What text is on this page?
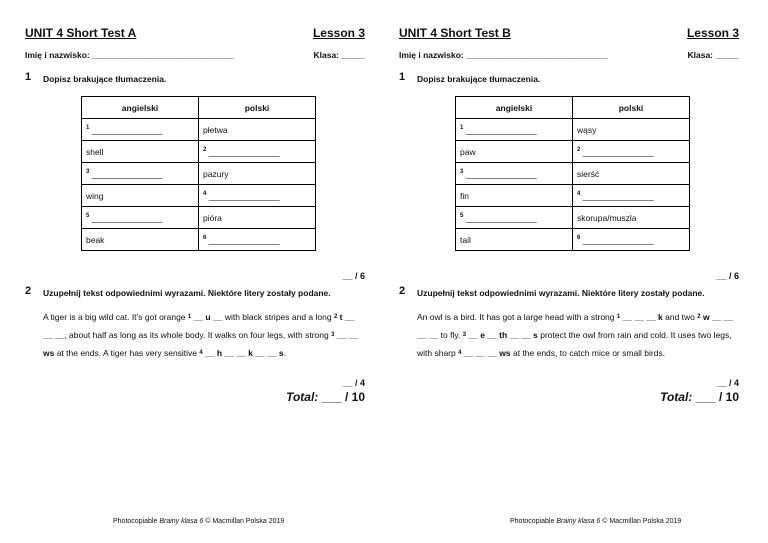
UNIT 4 Short Test A	Lesson 3
Imię i nazwisko: ______________________________	Klasa: _____
1 Dopisz brakujące tłumaczenia.
angielski	polski
$^1$ _______________	płetwa
shell	$^2$ _______________
$^3$ _______________	pazury
wing	$^4$ _______________
$^5$ _______________	pióra
beak	$^6$ _______________
__ / 6
2 Uzupełnij tekst odpowiednimi wyrazami. Niektóre litery zostały podane.
A tiger is a big wild cat. It’s got orange $^1$ __ u __ with black stripes and a long $^2$ t __ __ __, about half as long as its whole body. It walks on four legs, with strong $^3$ __ __ ws at the ends. A tiger has very sensitive $^4$ __ h __ __ k __ __ s.
__ / 4
Total: ___ / 10
Photocopiable Brainy klasa 6 © Macmillan Polska 2019
UNIT 4 Short Test B	Lesson 3
Imię i nazwisko: ______________________________	Klasa: _____
1 Dopisz brakujące tłumaczenia.
angielski	polski
$^1$ _______________	wąsy
paw	$^2$ _______________
$^3$ _______________	sierść
fin	$^4$ _______________
$^5$ _______________	skorupa/muszla
tail	$^6$ _______________
__ / 6
2 Uzupełnij tekst odpowiednimi wyrazami. Niektóre litery zostały podane.
An owl is a bird. It has got a large head with a strong $^1$ __ __ __ k and two $^2$ w __ __ __ __ to fly. $^3$ __ e __ th __ __ s protect the owl from rain and cold. It uses two legs, with sharp $^4$ __ __ __ ws at the ends, to catch mice or small birds.
__ / 4
Total: ___ / 10
Photocopiable Brainy klasa 6 © Macmillan Polska 2019
